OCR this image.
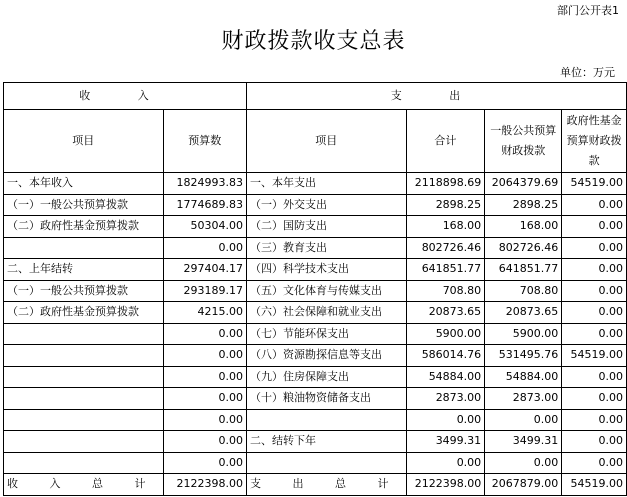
部门公开表1
财政拨款收支总表
单位：万元
收 入		支 出			
项目	预算数	项目	合计	一般公共预算财政拨款	政府性基金预算财政拨款
一、本年收入	1824993.83	一、本年支出	2118898.69	2064379.69	54519.00
（一）一般公共预算拨款	1774689.83	（一）外交支出	2898.25	2898.25	0.00
（二）政府性基金预算拨款	50304.00	（二）国防支出	168.00	168.00	0.00
	0.00	（三）教育支出	802726.46	802726.46	0.00
二、上年结转	297404.17	（四）科学技术支出	641851.77	641851.77	0.00
（一）一般公共预算拨款	293189.17	（五）文化体育与传媒支出	708.80	708.80	0.00
（二）政府性基金预算拨款	4215.00	（六）社会保障和就业支出	20873.65	20873.65	0.00
	0.00	（七）节能环保支出	5900.00	5900.00	0.00
	0.00	（八）资源勘探信息等支出	586014.76	531495.76	54519.00
	0.00	（九）住房保障支出	54884.00	54884.00	0.00
	0.00	（十）粮油物资储备支出	2873.00	2873.00	0.00
	0.00		0.00	0.00	0.00
	0.00	二、结转下年	3499.31	3499.31	0.00
	0.00		0.00	0.00	0.00
收 入 总 计	2122398.00	支 出 总 计	2122398.00	2067879.00	54519.00
